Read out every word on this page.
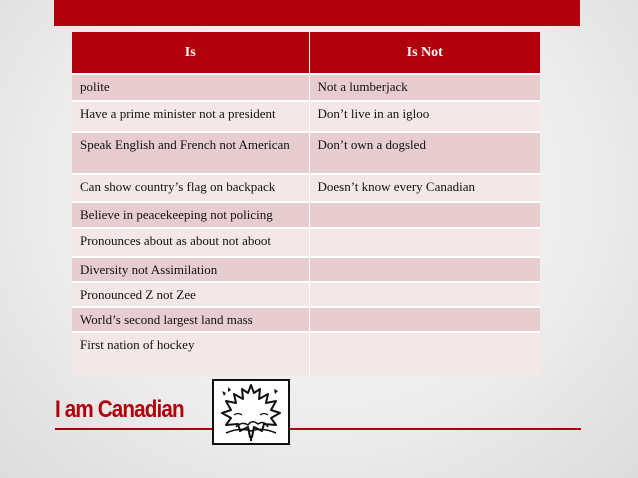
Is	Is Not
polite	Not a lumberjack
Have a prime minister not a president	Don’t live in an igloo
Speak English and French not American	Don’t own a dogsled
Can show country’s flag on backpack	Doesn’t know every Canadian
Believe in peacekeeping not policing	
Pronounces about as about not aboot	
Diversity not Assimilation	
Pronounced Z not Zee	
World’s second largest land mass	
First nation of hockey	
I am Canadian
